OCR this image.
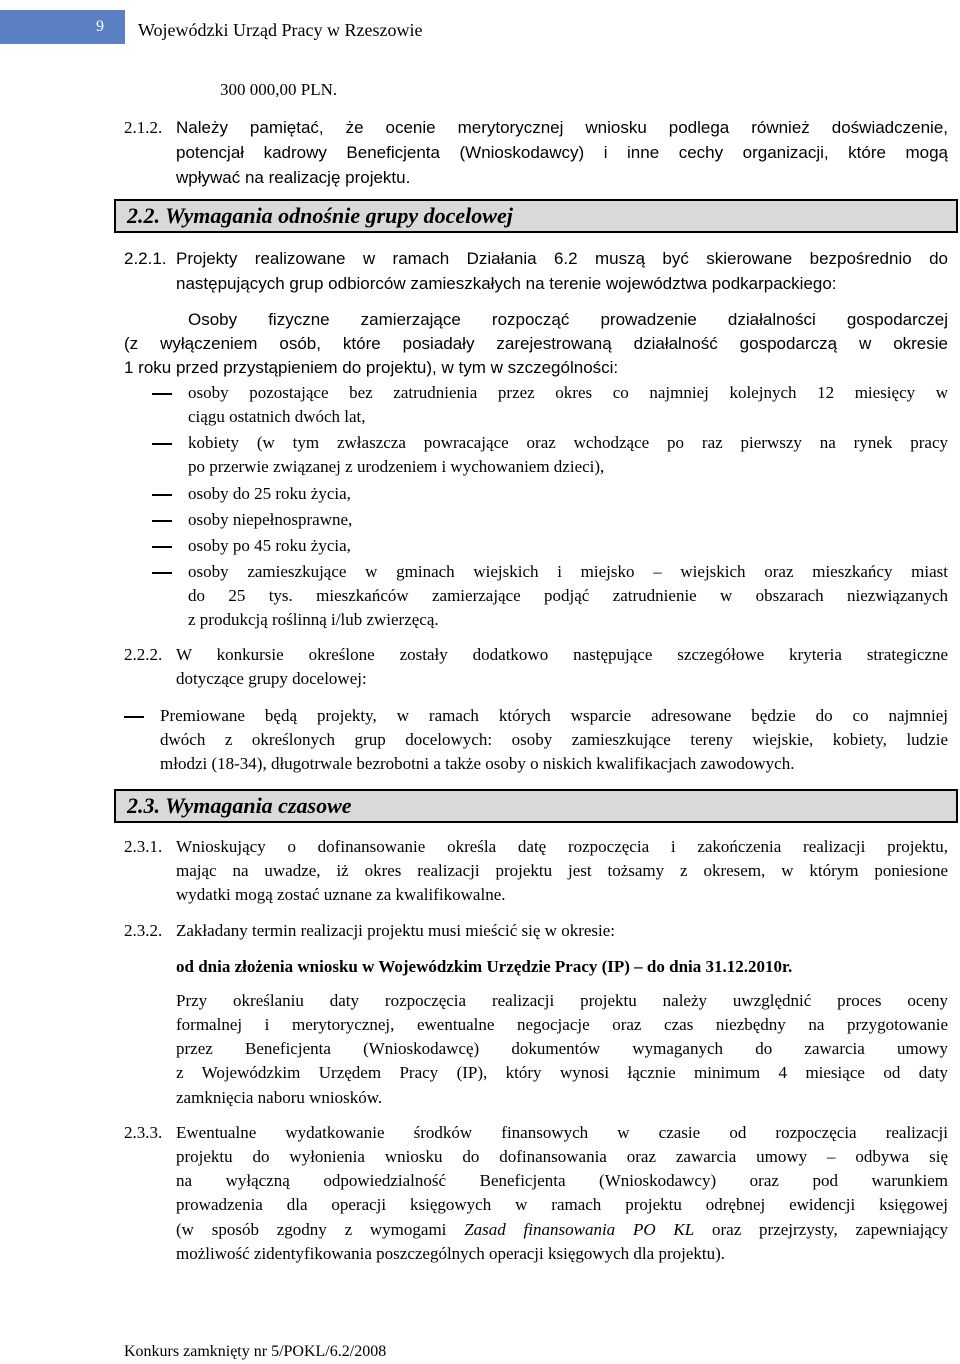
9 Wojewódzki Urząd Pracy w Rzeszowie
300 000,00 PLN.
2.1.2. Należy pamiętać, że ocenie merytorycznej wniosku podlega również doświadczenie,
potencjał kadrowy Beneficjenta (Wnioskodawcy) i inne cechy organizacji, które mogą
wpływać na realizację projektu.
2.2. Wymagania odnośnie grupy docelowej
2.2.1. Projekty realizowane w ramach Działania 6.2 muszą być skierowane bezpośrednio do
następujących grup odbiorców zamieszkałych na terenie województwa podkarpackiego:
Osoby fizyczne zamierzające rozpocząć prowadzenie działalności gospodarczej
(z wyłączeniem osób, które posiadały zarejestrowaną działalność gospodarczą w okresie
1 roku przed przystąpieniem do projektu), w tym w szczególności:
osoby pozostające bez zatrudnienia przez okres co najmniej kolejnych 12 miesięcy w
ciągu ostatnich dwóch lat,
kobiety (w tym zwłaszcza powracające oraz wchodzące po raz pierwszy na rynek pracy
po przerwie związanej z urodzeniem i wychowaniem dzieci),
osoby do 25 roku życia,
osoby niepełnosprawne,
osoby po 45 roku życia,
osoby zamieszkujące w gminach wiejskich i miejsko – wiejskich oraz mieszkańcy miast
do 25 tys. mieszkańców zamierzające podjąć zatrudnienie w obszarach niezwiązanych
z produkcją roślinną i/lub zwierzęcą.
2.2.2. W konkursie określone zostały dodatkowo następujące szczegółowe kryteria strategiczne
dotyczące grupy docelowej:
Premiowane będą projekty, w ramach których wsparcie adresowane będzie do co najmniej
dwóch z określonych grup docelowych: osoby zamieszkujące tereny wiejskie, kobiety, ludzie
młodzi (18-34), długotrwale bezrobotni a także osoby o niskich kwalifikacjach zawodowych.
2.3. Wymagania czasowe
2.3.1. Wnioskujący o dofinansowanie określa datę rozpoczęcia i zakończenia realizacji projektu,
mając na uwadze, iż okres realizacji projektu jest tożsamy z okresem, w którym poniesione
wydatki mogą zostać uznane za kwalifikowalne.
2.3.2. Zakładany termin realizacji projektu musi mieścić się w okresie:
od dnia złożenia wniosku w Wojewódzkim Urzędzie Pracy (IP) – do dnia 31.12.2010r.
Przy określaniu daty rozpoczęcia realizacji projektu należy uwzględnić proces oceny
formalnej i merytorycznej, ewentualne negocjacje oraz czas niezbędny na przygotowanie
przez Beneficjenta (Wnioskodawcę) dokumentów wymaganych do zawarcia umowy
z Wojewódzkim Urzędem Pracy (IP), który wynosi łącznie minimum 4 miesiące od daty
zamknięcia naboru wniosków.
2.3.3. Ewentualne wydatkowanie środków finansowych w czasie od rozpoczęcia realizacji
projektu do wyłonienia wniosku do dofinansowania oraz zawarcia umowy – odbywa się
na wyłączną odpowiedzialność Beneficjenta (Wnioskodawcy) oraz pod warunkiem
prowadzenia dla operacji księgowych w ramach projektu odrębnej ewidencji księgowej
(w sposób zgodny z wymogami Zasad finansowania PO KL oraz przejrzysty, zapewniający
możliwość zidentyfikowania poszczególnych operacji księgowych dla projektu).
Konkurs zamknięty nr 5/POKL/6.2/2008
